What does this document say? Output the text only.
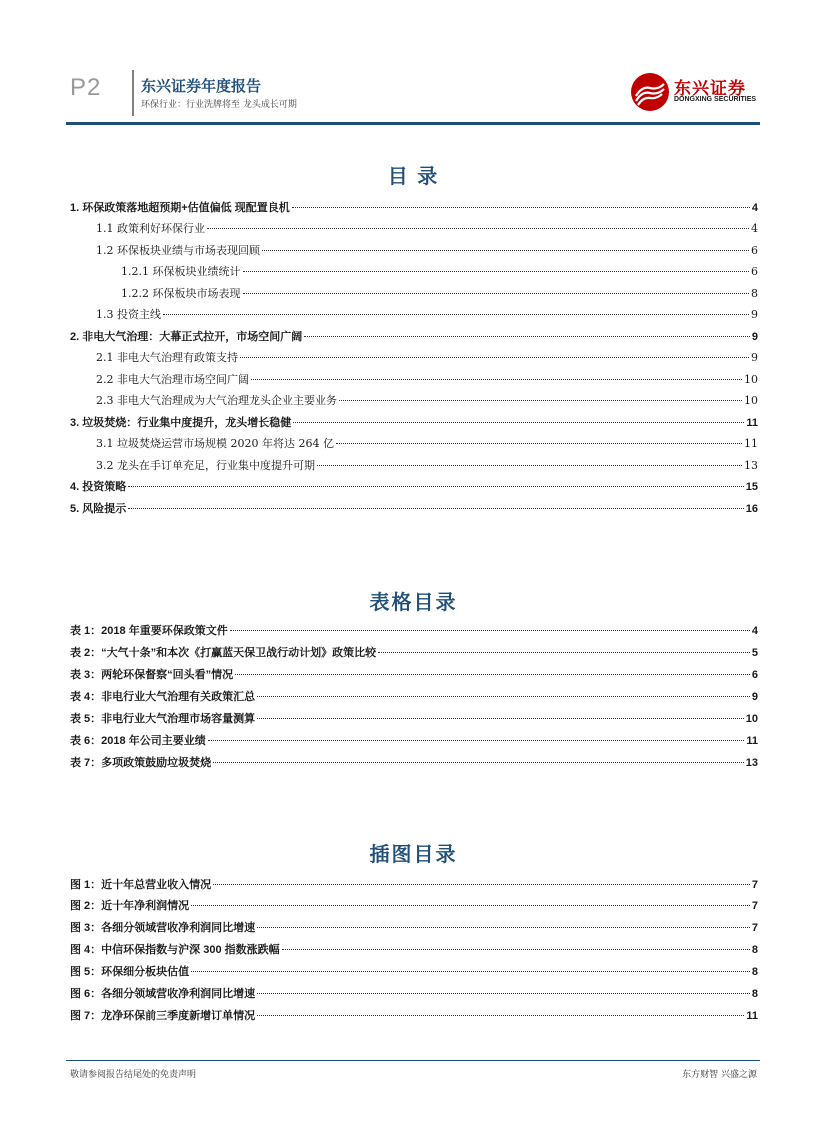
P2	东兴证券年度报告
环保行业：行业洗牌将至 龙头成长可期
东兴证券
DONGXING SECURITIES
目 录
1. 环保政策落地超预期+估值偏低 现配置良机	4
1.1 政策利好环保行业	4
1.2 环保板块业绩与市场表现回顾	6
1.2.1 环保板块业绩统计	6
1.2.2 环保板块市场表现	8
1.3 投资主线	9
2. 非电大气治理：大幕正式拉开，市场空间广阔	9
2.1 非电大气治理有政策支持	9
2.2 非电大气治理市场空间广阔	10
2.3 非电大气治理成为大气治理龙头企业主要业务	10
3. 垃圾焚烧：行业集中度提升，龙头增长稳健	11
3.1 垃圾焚烧运营市场规模 2020 年将达 264 亿	11
3.2 龙头在手订单充足，行业集中度提升可期	13
4. 投资策略	15
5. 风险提示	16
表格目录
表 1：2018 年重要环保政策文件	4
表 2：“大气十条”和本次《打赢蓝天保卫战行动计划》政策比较	5
表 3：两轮环保督察“回头看”情况	6
表 4：非电行业大气治理有关政策汇总	9
表 5：非电行业大气治理市场容量测算	10
表 6：2018 年公司主要业绩	11
表 7：多项政策鼓励垃圾焚烧	13
插图目录
图 1：近十年总营业收入情况	7
图 2：近十年净利润情况	7
图 3：各细分领域营收净利润同比增速	7
图 4：中信环保指数与沪深 300 指数涨跌幅	8
图 5：环保细分板块估值	8
图 6：各细分领域营收净利润同比增速	8
图 7：龙净环保前三季度新增订单情况	11
敬请参阅报告结尾处的免责声明	东方财智 兴盛之源
